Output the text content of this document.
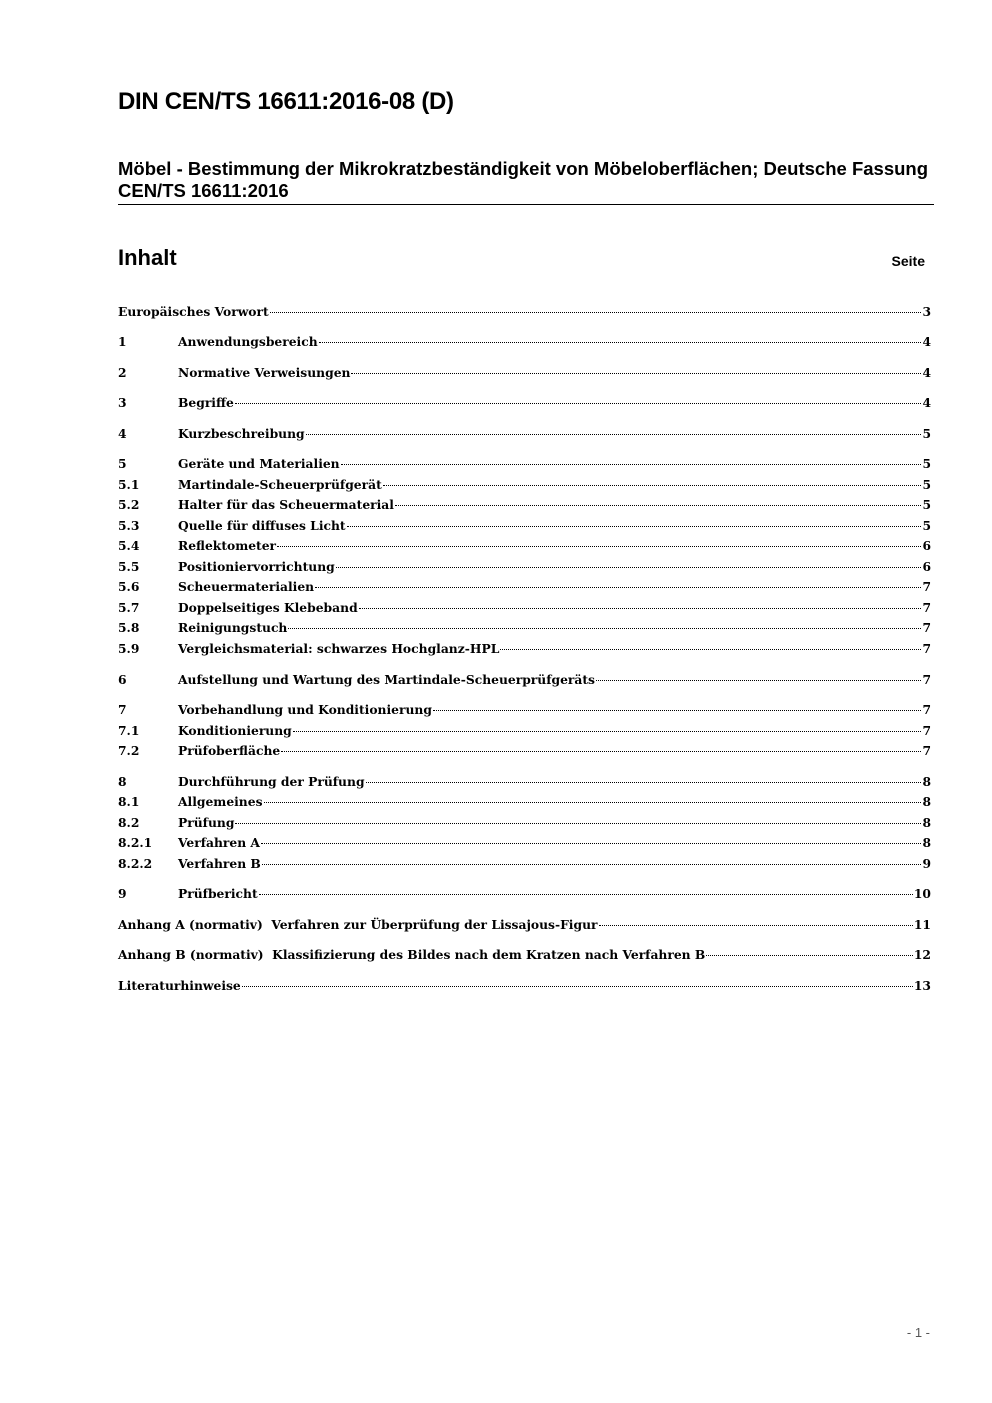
DIN CEN/TS 16611:2016-08 (D)
Möbel - Bestimmung der Mikrokratzbeständigkeit von Möbeloberflächen; Deutsche Fassung CEN/TS 16611:2016
Inhalt	Seite
Europäisches Vorwort	3
1	Anwendungsbereich	4
2	Normative Verweisungen	4
3	Begriffe	4
4	Kurzbeschreibung	5
5	Geräte und Materialien	5
5.1	Martindale-Scheuerprüfgerät	5
5.2	Halter für das Scheuermaterial	5
5.3	Quelle für diffuses Licht	5
5.4	Reflektometer	6
5.5	Positioniervorrichtung	6
5.6	Scheuermaterialien	7
5.7	Doppelseitiges Klebeband	7
5.8	Reinigungstuch	7
5.9	Vergleichsmaterial: schwarzes Hochglanz-HPL	7
6	Aufstellung und Wartung des Martindale-Scheuerprüfgeräts	7
7	Vorbehandlung und Konditionierung	7
7.1	Konditionierung	7
7.2	Prüfoberfläche	7
8	Durchführung der Prüfung	8
8.1	Allgemeines	8
8.2	Prüfung	8
8.2.1	Verfahren A	8
8.2.2	Verfahren B	9
9	Prüfbericht	10
Anhang A (normativ)  Verfahren zur Überprüfung der Lissajous-Figur	11
Anhang B (normativ)  Klassifizierung des Bildes nach dem Kratzen nach Verfahren B	12
Literaturhinweise	13
- 1 -
